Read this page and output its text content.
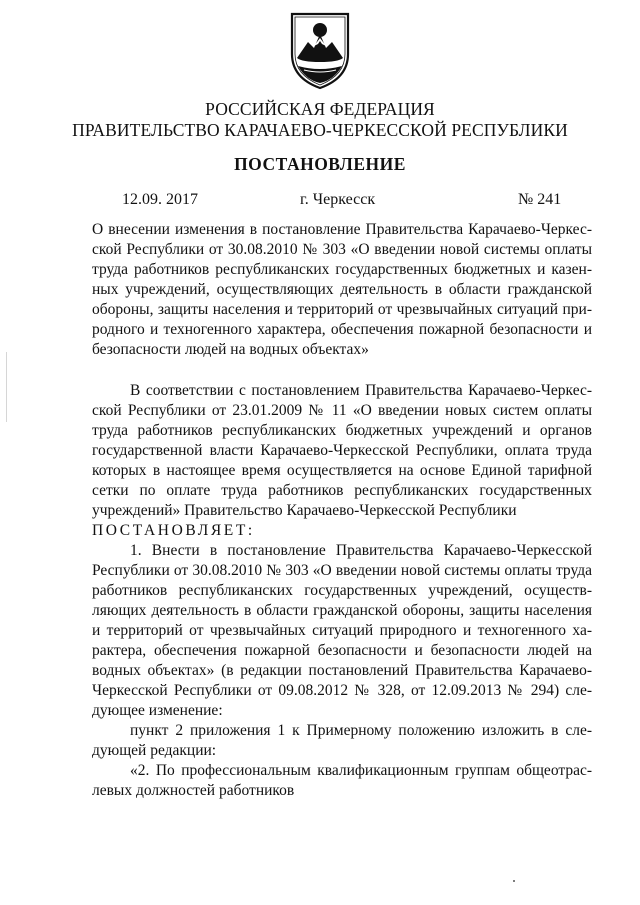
РОССИЙСКАЯ ФЕДЕРАЦИЯ
ПРАВИТЕЛЬСТВО КАРАЧАЕВО-ЧЕРКЕССКОЙ РЕСПУБЛИКИ
ПОСТАНОВЛЕНИЕ
12.09. 2017	г. Черкесск	№ 241
О внесении изменения в постановление Правительства Карачаево-Черкес-
ской Республики от 30.08.2010 № 303 «О введении новой системы оплаты
труда работников республиканских государственных бюджетных и казен-
ных учреждений, осуществляющих деятельность в области гражданской
обороны, защиты населения и территорий от чрезвычайных ситуаций при-
родного и техногенного характера, обеспечения пожарной безопасности и
безопасности людей на водных объектах»
В соответствии с постановлением Правительства Карачаево-Черкес-
ской Республики от 23.01.2009 № 11 «О введении новых систем оплаты
труда работников республиканских бюджетных учреждений и органов
государственной власти Карачаево-Черкесской Республики, оплата труда
которых в настоящее время осуществляется на основе Единой тарифной
сетки по оплате труда работников республиканских государственных
учреждений» Правительство Карачаево-Черкесской Республики
ПОСТАНОВЛЯЕТ:
1. Внести в постановление Правительства Карачаево-Черкесской
Республики от 30.08.2010 № 303 «О введении новой системы оплаты труда
работников республиканских государственных учреждений, осуществ-
ляющих деятельность в области гражданской обороны, защиты населения
и территорий от чрезвычайных ситуаций природного и техногенного ха-
рактера, обеспечения пожарной безопасности и безопасности людей на
водных объектах» (в редакции постановлений Правительства Карачаево-
Черкесской Республики от 09.08.2012 № 328, от 12.09.2013 № 294) сле-
дующее изменение:
пункт 2 приложения 1 к Примерному положению изложить в сле-
дующей редакции:
«2. По профессиональным квалификационным группам общеотрас-
левых должностей работников
